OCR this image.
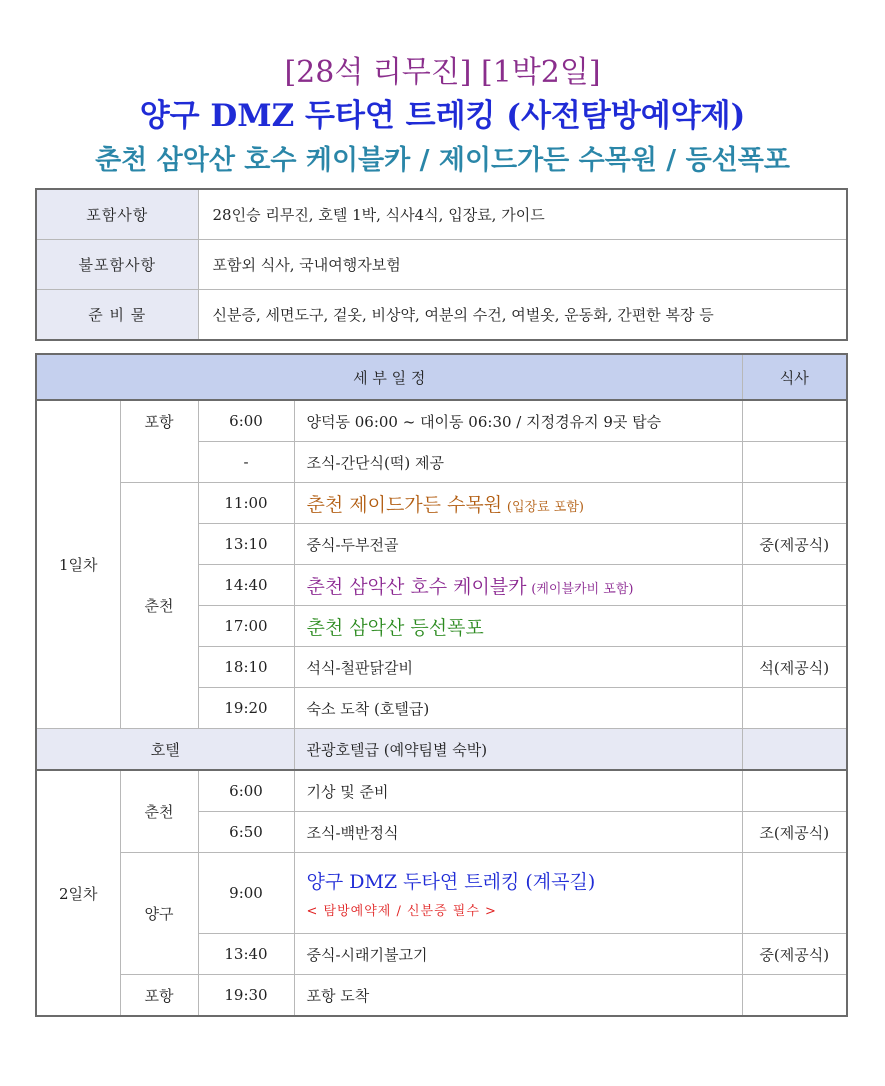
[28석 리무진] [1박2일]
양구 DMZ 두타연 트레킹 (사전탐방예약제)
춘천 삼악산 호수 케이블카 / 제이드가든 수목원 / 등선폭포
포함사항	28인승 리무진, 호텔 1박, 식사4식, 입장료, 가이드
불포함사항	포함외 식사, 국내여행자보험
준 비 물	신분증, 세면도구, 겉옷, 비상약, 여분의 수건, 여벌옷, 운동화, 간편한 복장 등
세 부 일 정				식사
1일차	포항	6:00	양덕동 06:00 ~ 대이동 06:30 / 지정경유지 9곳 탑승	
		-	조식-간단식(떡) 제공	
	춘천	11:00	춘천 제이드가든 수목원 (입장료 포함)	
		13:10	중식-두부전골	중(제공식)
		14:40	춘천 삼악산 호수 케이블카 (케이블카비 포함)	
		17:00	춘천 삼악산 등선폭포	
		18:10	석식-철판닭갈비	석(제공식)
		19:20	숙소 도착 (호텔급)	
호텔			관광호텔급 (예약팀별 숙박)	
2일차	춘천	6:00	기상 및 준비	
		6:50	조식-백반정식	조(제공식)
	양구	9:00	양구 DMZ 두타연 트레킹 (계곡길)
< 탐방예약제 / 신분증 필수 >	

		13:40	중식-시래기불고기	중(제공식)
	포항	19:30	포항 도착	
